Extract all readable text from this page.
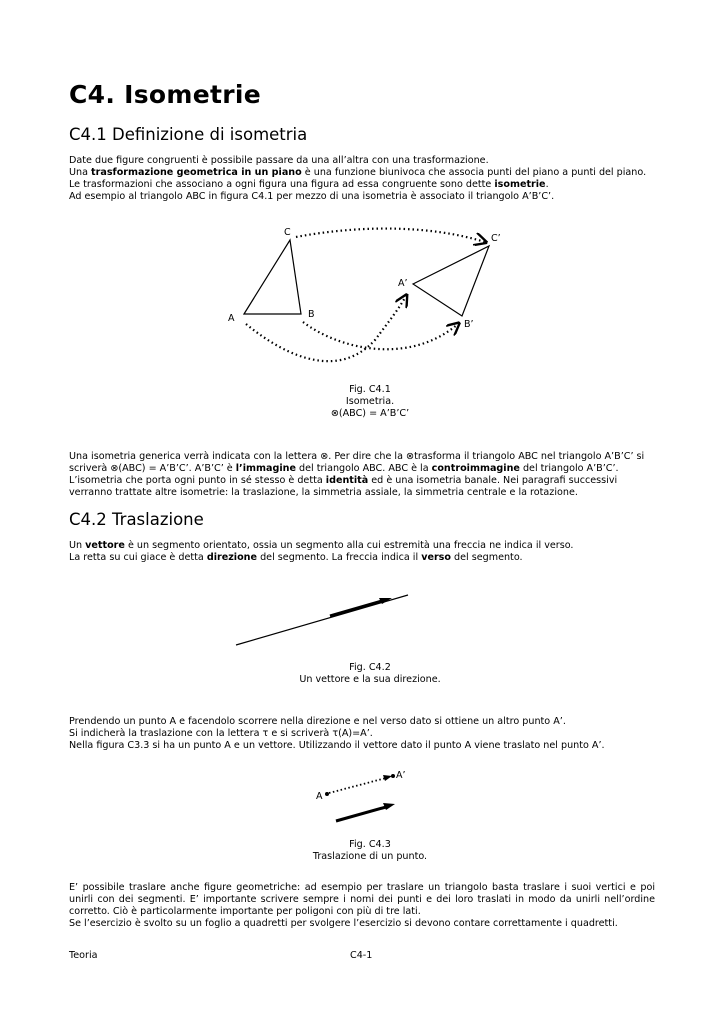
C4. Isometrie
C4.1 Definizione di isometria

Date due figure congruenti è possibile passare da una all’altra con una trasformazione.

Una trasformazione geometrica in un piano è una funzione biunivoca che associa punti del piano a punti del piano.

Le trasformazioni che associano a ogni figura una figura ad essa congruente sono dette isometrie.

Ad esempio al triangolo ABC in figura C4.1 per mezzo di una isometria è associato il triangolo A’B’C’.

C
A	B
C’
A’
B’
Fig. C4.1
Isometria.
⊗(ABC) = A’B’C’

Una isometria generica verrà indicata con la lettera ⊗. Per dire che la ⊗trasforma il triangolo ABC nel triangolo A’B’C’ si

scriverà ⊗(ABC) = A’B’C’. A’B’C’ è l’immagine del triangolo ABC. ABC è la controimmagine del triangolo A’B’C’.

L’isometria che porta ogni punto in sé stesso è detta identità ed è una isometria banale. Nei paragrafi successivi

verranno trattate altre isometrie: la traslazione, la simmetria assiale, la simmetria centrale e la rotazione.

C4.2 Traslazione

Un vettore è un segmento orientato, ossia un segmento alla cui estremità una freccia ne indica il verso.

La retta su cui giace è detta direzione del segmento. La freccia indica il verso del segmento.

Fig. C4.2
Un vettore e la sua direzione.

Prendendo un punto A e facendolo scorrere nella direzione e nel verso dato si ottiene un altro punto A’.

Si indicherà la traslazione con la lettera τ e si scriverà τ(A)=A’.

Nella figura C3.3 si ha un punto A e un vettore. Utilizzando il vettore dato il punto A viene traslato nel punto A’.

A
A’
Fig. C4.3
Traslazione di un punto.

E’ possibile traslare anche figure geometriche: ad esempio per traslare un triangolo basta traslare i suoi vertici e poi unirli con dei segmenti. E’ importante scrivere sempre i nomi dei punti e dei loro traslati in modo da unirli nell’ordine corretto. Ciò è particolarmente importante per poligoni con più di tre lati.

Se l’esercizio è svolto su un foglio a quadretti per svolgere l’esercizio si devono contare correttamente i quadretti.

Teoria	C4-1
